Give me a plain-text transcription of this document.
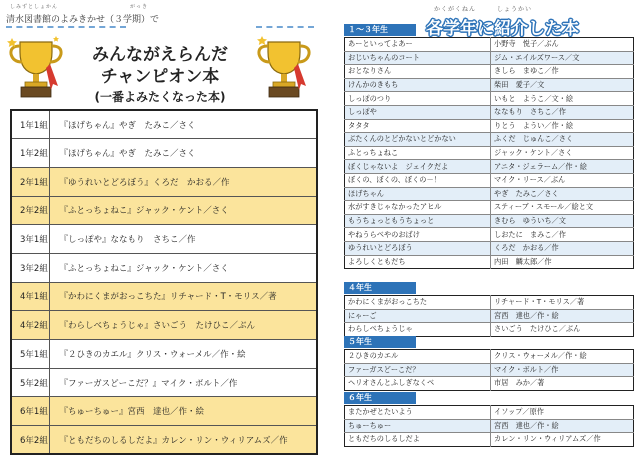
しみずとしょかん　　　　　　　　　　　　がっき
清水図書館のよみきかせ（３学期）で
みんながえらんだ
チャンピオン本
(一番よみたくなった本)
1年1組	『ほげちゃん』やぎ　たみこ／さく
1年2組	『ほげちゃん』やぎ　たみこ／さく
2年1組	『ゆうれいとどろぼう』くろだ　かおる／作
2年2組	『ふとっちょねこ』ジャック・ケント／さく
3年1組	『しっぽや』ななもり　さちこ／作
3年2組	『ふとっちょねこ』ジャック・ケント／さく
4年1組	『かわにくまがおっこちた』リチャード・T・モリス／著
4年2組	『わらしべちょうじゃ』さいごう　たけひこ／ぶん
5年1組	『２ひきのカエル』クリス・ウォーメル／作・絵
5年2組	『ファーガスどーこだ？』マイク・ボルト／作
6年1組	『ちゅーちゅー』宮西　達也／作・絵
6年2組	『ともだちのしるしだよ』カレン・リン・ウィリアムズ／作
かくがくねん　　　しょうかい
各学年に紹介した本
１～３年生
あーといってよあー	小野寺　悦子／ぶん
おじいちゃんのコート	ジム・エイルズワース／文
おとなりさん	きしら　まゆこ／作
けんかのきもち	柴田　愛子／文
しっぽのつり	いもと　ようこ／文・絵
しっぽや	ななもり　さちこ／作
タタタ	りとう　ようい／作・絵
ぶたくんのとどかないとどかない	ふくだ　じゅんこ／さく
ふとっちょねこ	ジャック・ケント／さく
ぼくじゃないよ　ジェイクだよ	アニタ・ジェラーム／作・絵
ぼくの、ぼくの、ぼくの－！	マイク・リース／ぶん
ほげちゃん	やぎ　たみこ／さく
水がすきじゃなかったアヒル	スティーブ・スモール／絵と文
もうちょっともうちょっと	きむら　ゆういち／文
やねうらべやのおばけ	しおたに　まみこ／作
ゆうれいとどろぼう	くろだ　かおる／作
よろしくともだち	内田　麟太郎／作
４年生
かわにくまがおっこちた	リチャード・T・モリス／著
にゃーご	宮西　達也／作・絵
わらしべちょうじゃ	さいごう　たけひこ／ぶん
５年生
２ひきのカエル	クリス・ウォーメル／作・絵
ファーガスどーこだ？	マイク・ボルト／作
ヘリオさんとふしぎなくべ	市居　みか／著
６年生
またかぜとたいよう	イソップ／原作
ちゅーちゅー	宮西　達也／作・絵
ともだちのしるしだよ	カレン・リン・ウィリアムズ／作
